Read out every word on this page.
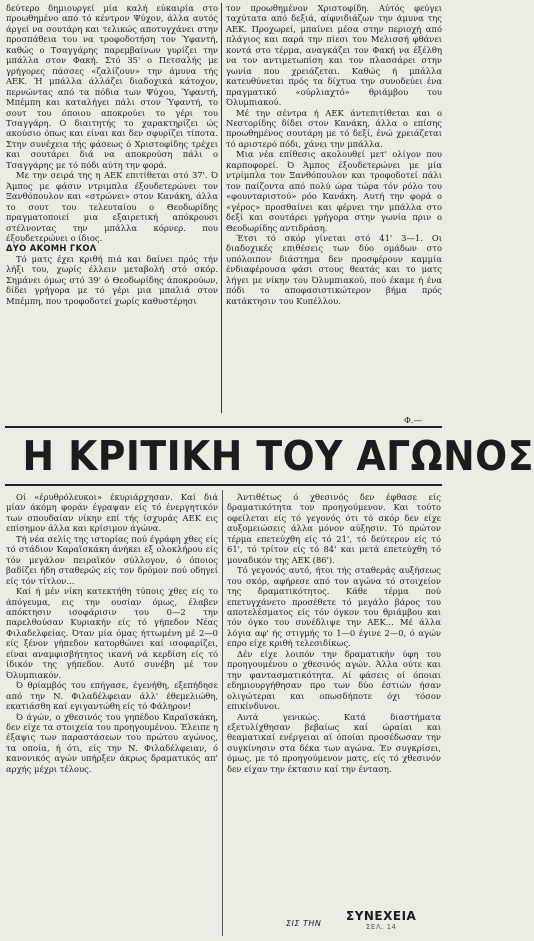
δεύτερο δημιουργεί μία καλή εύκαιρία στο προωθημένο από τό κέντρον Ψύχον, άλλα αυτός άργεί να σουτάρη και τελικώς αποτυγχάνει στην προσπάθεια του να τροφοδοτήση τον Ύφαντή, καθώς ο Τσαγγάρης παρεμβαίνων γυρίζει την μπάλλα στον Φακή. Στό 35' ο Πετσαλής με γρήγορες πάσσες «ζαλίζουν» την άμυνα τής ΑΕΚ. Ή μπάλλα άλλάζει διαδοχικά κάτοχον, περνώντας από τα πόδια των Ψύχου, Ύφαντή, Μπέμπη και καταλήγει πάλι στον Ύφαντή, το σουτ του όποιου αποκρούει το γέρι του Τσαγγάρη. Ο διαιτητής το χαρακτηρίζει ώς ακούσιο όπως και είναι και δεν σφυρίζει τίποτα. Στην συνέχεια τής φάσεως ό Χριστοφίδης τρέχει και σουτάρει διά να αποκρούση πάλι ο Τσαγγάρης με τό πόδι αύτη την φορά.

Με την σειρά της η ΑΕΚ επιτίθεται στό 37'. Ό Άμπος με φάσιν ντριμπλα έξουδετερώνει τον Ξανθόπουλον και «στρώνει» στον Κανάκη, άλλα το σουτ του τελευταίου ο Θεοδωρίδης πραγματοποιεί μια εξαιρετική απόκρουσι στέλνοντας την μπάλλα κόρνερ. που έξουδετερώνει ο ίδιος.

ΔΥΟ ΑΚΟΜΗ ΓΚΟΛ

Τό ματς έχει κριθή πιά και δαίνει πρός τήν λήξι του, χωρίς έλλειν μεταβολή στό σκόρ. Σημάνει όμως στό 39' ό Θεοδωρίδης άποκρούων, δίδει γρήγορα με τό γέρι μια μπαλιά στον Μπέμπη, που τροφοδοτεί χωρίς καθυστέρησι

τον προωθημένον Χριστοφίδη. Αύτός φεύγει ταχύτατα από δεξιά, αίφνιδιάζων την άμυνα της ΑΕΚ. Προχωρεί, μπαίνει μέσα στην περιοχή από πλάγιος και παρά την πίεσι του Μελισσή φθάνει κοντά στο τέρμα, αναγκάζει τον Φακή να έξέλθη να τον αντιμετωπίση και τον πλασσάρει στην γωνία που χρειάζεται. Καθώς ή μπάλλα κατευθύνεται πρός τα δίχτυα την συνοδεύει ένα πραγματικό «ούρλιαχτό» θριάμβου του Όλυμπιακού.

Μέ την σέντρα ή ΑΕΚ άντεπιτίθεται και ο Νεστορίδης δίδει στον Κανάκη, άλλα ο επίσης προωθημένος σουτάρη με τό δεξί, ένώ χρειάζεται τό αριστερό πόδι, χάνει την μπάλλα.

Μια νέα επίθεσις ακολουθεί μετ' ολίγον που καρποφορεί. Ό Άμπος έξουδετερώνει με μία ντρίμπλα τον Ξανθόπουλον και τροφοδοτεί πάλι τον παίζοντα από πολύ ώρα τώρα τόν ρόλο του «φουνταριστού» ρόο Κανάκη. Αυτή την φορά ο «γέρος» προσθαίνει και φέρνει την μπάλλα στο δεξί και σουτάρει γρήγορα στην γωνία πριν ο Θεοδωρίδης αντιδράση.

Έτσι τό σκόρ γίνεται στό 41' 3—1. Οι διαδοχικές επιθέσεις των δύο ομάδων στο υπόλοιπον διάστημα δεν προσφέρουν καμμία ένδιαφέρουσα φάσι στους θεατάς και το ματς λήγει με νίκην του Όλυμπιακού, πού έκαμε ή ένα πόδι το αποφασιστικώτερον βήμα πρός κατάκτησιν του Κυπέλλου.

Φ.—
Η ΚΡΙΤΙΚΗ ΤΟΥ ΑΓΩΝΟΣ

Οί «έρυθρόλευκοι» έκυριάρχησαν. Καί διά μίαν άκόμη φοράν έγραψαν είς τό ένεργητικόν των σπουδαίαν νίκην επί τής ίσχυράς ΑΕΚ εις επίσημον άλλα και κρίσιμον άγώνα.

Τή νέα σελίς της ιστορίας πού έγράφη χθες είς τό στάδιον Καραϊσκάκη άνήκει εξ ολοκλήρου είς τόν μεγάλον πειραϊκόν σύλλογον, ό όποιος βαδίζει ήδη σταθερώς είς τον δρόμον πού οδηγεί είς τόν τίτλον...

Καί ή μέν νίκη κατεκτήθη τύποις χθες είς το άπόγευμα, εις την ουσίαν όμως, έλαβεν απόκτησιν ισοφάρισιν του 0—2 την παρελθούσαν Κυριακήν είς τό γήπεδον Νέας Φιλαδελφείας. Όταν μία όμας ήττωμένη μέ 2—0 είς ξένον γήπεδον κατορθώνει καί ισοφαρίζει, είναι αναμφισβήτητος ικανή νά κερδίση είς τό ίδικόν της γήπεδον. Αυτό συνέβη μέ τον Όλυμπιακόν.

Ό θρίαμβός του επήγασε, έγενήθη, εξεπήδησε από την Ν. Φιλαδέλφειαν άλλ' έθεμελιώθη, εκατιάσθη καί εγιγαντώθη είς τό Φάληρον!

Ό άγών, ο χθεσινός του γηπέδου Καραϊσκάκη, δεν είχε τα στοιχεία του προηγουμένου. Έλειπε η έξαψις των παραστάσεων του πρώτου αγώνος, τα οποία, ή ότι, είς την Ν. Φιλαδέλφειαν, ό κανονικός αγών υπήρξεν άκρως δραματικός απ' αρχής μέχρι τέλους.

Άντιθέτως ό χθεσινός δεν έφθασε είς δραματικότητα τον προηγούμενον. Και τούτο οφείλεται είς τό γεγονός ότι τό σκόρ δεν είχε αυξομειώσεις άλλα μόνον αύξησιν. Τό πρώτον τέρμα επετεύχθη είς τό 21', τό δεύτερον είς τό 61', τό τρίτον είς τό 84' και μετά επετεύχθη τό μοναδικόν της ΑΕΚ (86').

Τό γεγονός αυτό, ήτοι τής σταθεράς αυξήσεως του σκόρ, αφήρεσε από τον αγώνα τό στοιχείον της δραματικότητος. Κάθε τέρμα πού επετυγχάνετο προσέθετε τό μεγάλο βάρος του αποτελέσματος είς τόν όγκον του θριάμβου και τόν όγκο του συνέδλιψε την ΑΕΚ... Μέ άλλα λόγια αφ' ής στιγμής το 1—0 έγινε 2—0, ό αγών επρο είχε κριθή τελεσιδίκως.

Δέν είχε λοιπόν την δραματικήν ύφη του προηγουμένου ο χθεσινός αγών. Άλλα ούτε και την φαντασματικότητα. Αί φάσεις οί όποιαι εδημιουργήθησαν προ των δύο έστιών ήσαν ολιγώτεραι και οπωσδήποτε όχι τόσον επικίνδυνοι.

Αυτά γενικώς. Κατά διαστήματα εξετυλίχθησαν βεβαίως καί ώραίαι και θεαματικαί ενέργειαι αί όποίαι προσέδωσαν την συγκίνησιν στα δέκα των αγώνα. Έν συγκρίσει, όμως, με τό προηγούμενον ματς, είς τό χθεσινόν δεν είχαν την έκτασιν καί την ένταση.

ΣΙΣ ΤΗΝ
ΣΥΝΕΧΕΙΑ
ΣΕΛ. 14
